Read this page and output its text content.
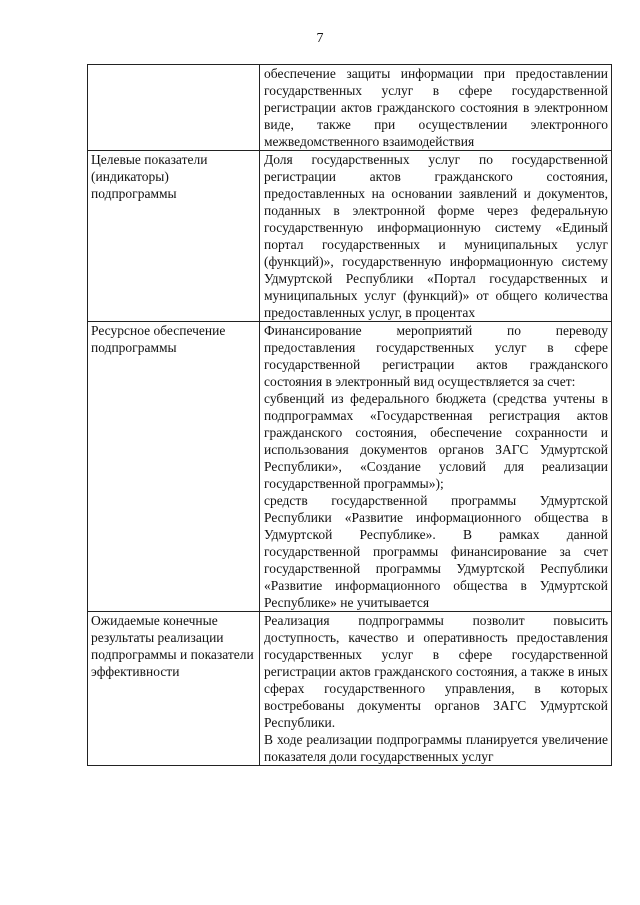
7

	обеспечение защиты информации при предоставлении государственных услуг в сфере государственной регистрации актов гражданского состояния в электронном виде, также при осуществлении электронного межведомственного взаимодействия

Целевые показатели (индикаторы) подпрограммы	Доля государственных услуг по государственной регистрации актов гражданского состояния, предоставленных на основании заявлений и документов, поданных в электронной форме через федеральную государственную информационную систему «Единый портал государственных и муниципальных услуг (функций)», государственную информационную систему Удмуртской Республики «Портал государственных и муниципальных услуг (функций)» от общего количества предоставленных услуг, в процентах

Ресурсное обеспечение подпрограммы	Финансирование мероприятий по переводу предоставления государственных услуг в сфере государственной регистрации актов гражданского состояния в электронный вид осуществляется за счет:

субвенций из федерального бюджета (средства учтены в подпрограммах «Государственная регистрация актов гражданского состояния, обеспечение сохранности и использования документов органов ЗАГС Удмуртской Республики», «Создание условий для реализации государственной программы»);

средств государственной программы Удмуртской Республики «Развитие информационного общества в Удмуртской Республике». В рамках данной государственной программы финансирование за счет государственной программы Удмуртской Республики «Развитие информационного общества в Удмуртской Республике» не учитывается

Ожидаемые конечные результаты реализации подпрограммы и показатели эффективности	Реализация подпрограммы позволит повысить доступность, качество и оперативность предоставления государственных услуг в сфере государственной регистрации актов гражданского состояния, а также в иных сферах государственного управления, в которых востребованы документы органов ЗАГС Удмуртской Республики.

В ходе реализации подпрограммы планируется увеличение показателя доли государственных услуг
